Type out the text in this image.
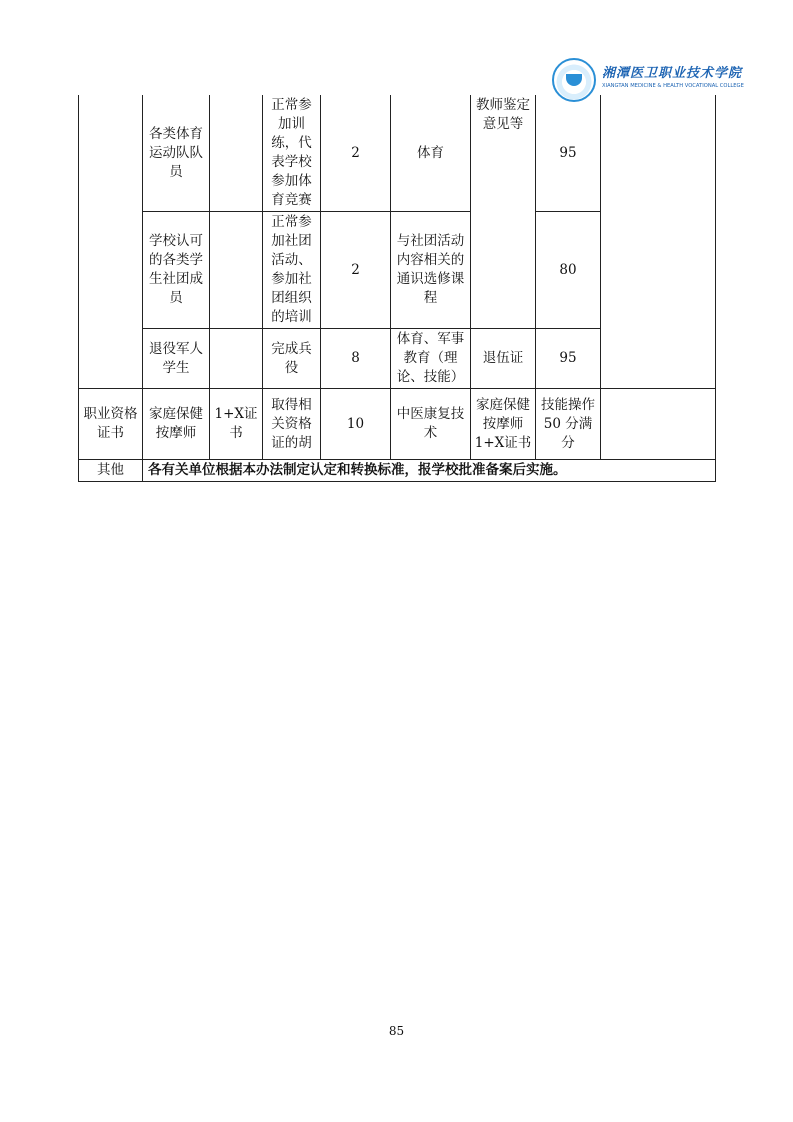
湘潭医卫职业技术学院
XIANGTAN MEDICINE & HEALTH VOCATIONAL COLLEGE
	各类体育运动队队员		正常参加训练，代表学校参加体育竞赛	2	体育	教师鉴定意见等	95	
	学校认可的各类学生社团成员		正常参加社团活动、参加社团组织的培训	2	与社团活动内容相关的通识选修课程		80	
	退役军人学生		完成兵役	8	体育、军事教育（理论、技能）	退伍证	95	
职业资格证书	家庭保健按摩师	1+X证书	取得相关资格证的胡	10	中医康复技术	家庭保健按摩师 1+X证书	技能操作 50 分满分	
其他	各有关单位根据本办法制定认定和转换标准，报学校批准备案后实施。							
85
